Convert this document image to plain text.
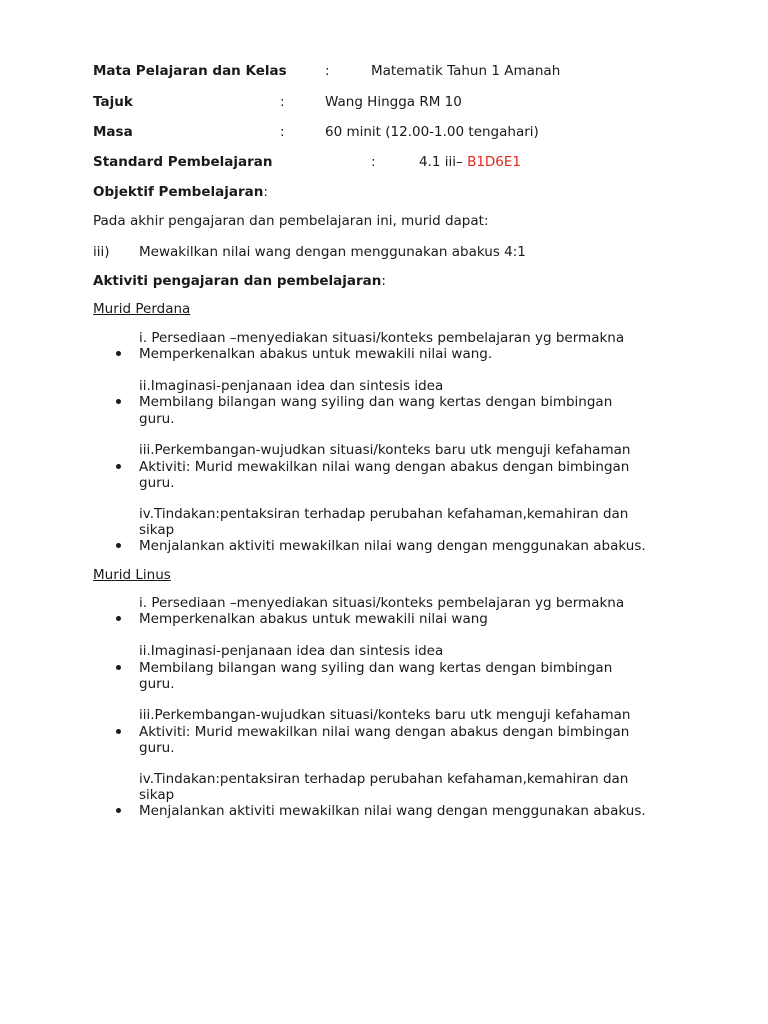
Mata Pelajaran dan Kelas	:	Matematik Tahun 1 Amanah
Tajuk	:	Wang Hingga RM 10
Masa	:	60 minit (12.00-1.00 tengahari)
Standard Pembelajaran	:	4.1 iii– B1D6E1
Objektif Pembelajaran:
Pada akhir pengajaran dan pembelajaran ini, murid dapat:
iii) Mewakilkan nilai wang dengan menggunakan abakus 4:1
Aktiviti pengajaran dan pembelajaran:
Murid Perdana
i. Persediaan –menyediakan situasi/konteks pembelajaran yg bermakna
Memperkenalkan abakus untuk mewakili nilai wang.
ii.Imaginasi-penjanaan idea dan sintesis idea
Membilang bilangan wang syiling dan wang kertas dengan bimbingan
guru.
iii.Perkembangan-wujudkan situasi/konteks baru utk menguji kefahaman
Aktiviti: Murid mewakilkan nilai wang dengan abakus dengan bimbingan
guru.
iv.Tindakan:pentaksiran terhadap perubahan kefahaman,kemahiran dan
sikap
Menjalankan aktiviti mewakilkan nilai wang dengan menggunakan abakus.
Murid Linus
i. Persediaan –menyediakan situasi/konteks pembelajaran yg bermakna
Memperkenalkan abakus untuk mewakili nilai wang
ii.Imaginasi-penjanaan idea dan sintesis idea
Membilang bilangan wang syiling dan wang kertas dengan bimbingan
guru.
iii.Perkembangan-wujudkan situasi/konteks baru utk menguji kefahaman
Aktiviti: Murid mewakilkan nilai wang dengan abakus dengan bimbingan
guru.
iv.Tindakan:pentaksiran terhadap perubahan kefahaman,kemahiran dan
sikap
Menjalankan aktiviti mewakilkan nilai wang dengan menggunakan abakus.
